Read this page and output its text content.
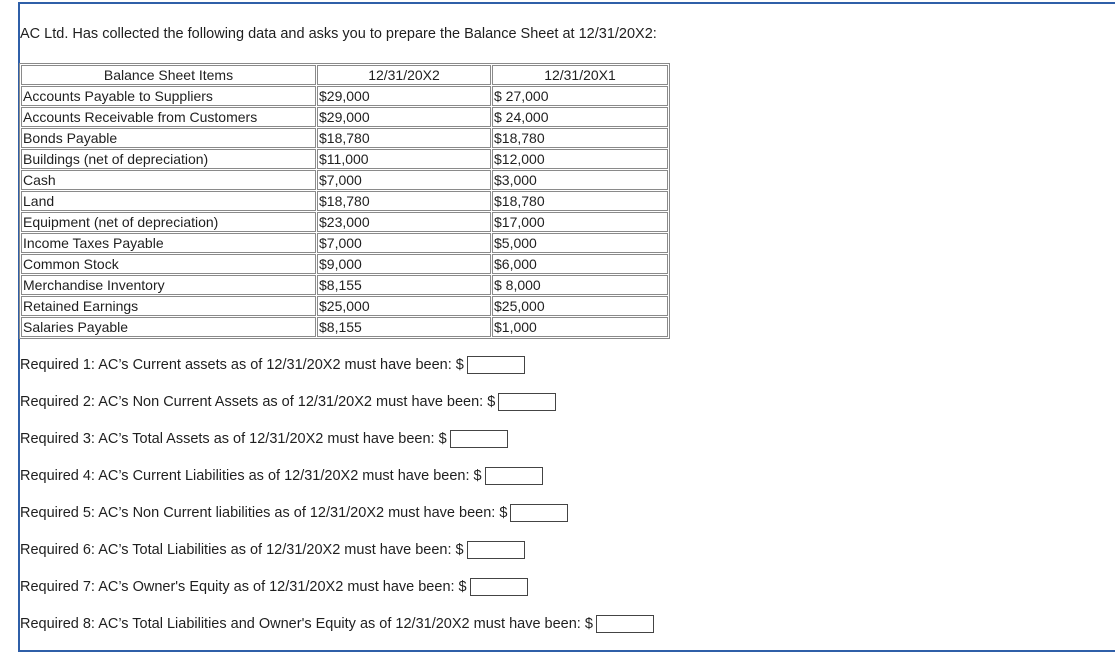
AC Ltd. Has collected the following data and asks you to prepare the Balance Sheet at 12/31/20X2:
Balance Sheet Items	12/31/20X2	12/31/20X1
Accounts Payable to Suppliers	$29,000	$ 27,000
Accounts Receivable from Customers	$29,000	$ 24,000
Bonds Payable	$18,780	$18,780
Buildings (net of depreciation)	$11,000	$12,000
Cash	$7,000	$3,000
Land	$18,780	$18,780
Equipment (net of depreciation)	$23,000	$17,000
Income Taxes Payable	$7,000	$5,000
Common Stock	$9,000	$6,000
Merchandise Inventory	$8,155	$ 8,000
Retained Earnings	$25,000	$25,000
Salaries Payable	$8,155	$1,000
Required 1: AC’s Current assets as of 12/31/20X2 must have been: $
Required 2: AC’s Non Current Assets as of 12/31/20X2 must have been: $
Required 3: AC’s Total Assets as of 12/31/20X2 must have been: $
Required 4: AC’s Current Liabilities as of 12/31/20X2 must have been: $
Required 5: AC’s Non Current liabilities as of 12/31/20X2 must have been: $
Required 6: AC’s Total Liabilities as of 12/31/20X2 must have been: $
Required 7: AC’s Owner's Equity as of 12/31/20X2 must have been: $
Required 8: AC’s Total Liabilities and Owner's Equity as of 12/31/20X2 must have been: $
